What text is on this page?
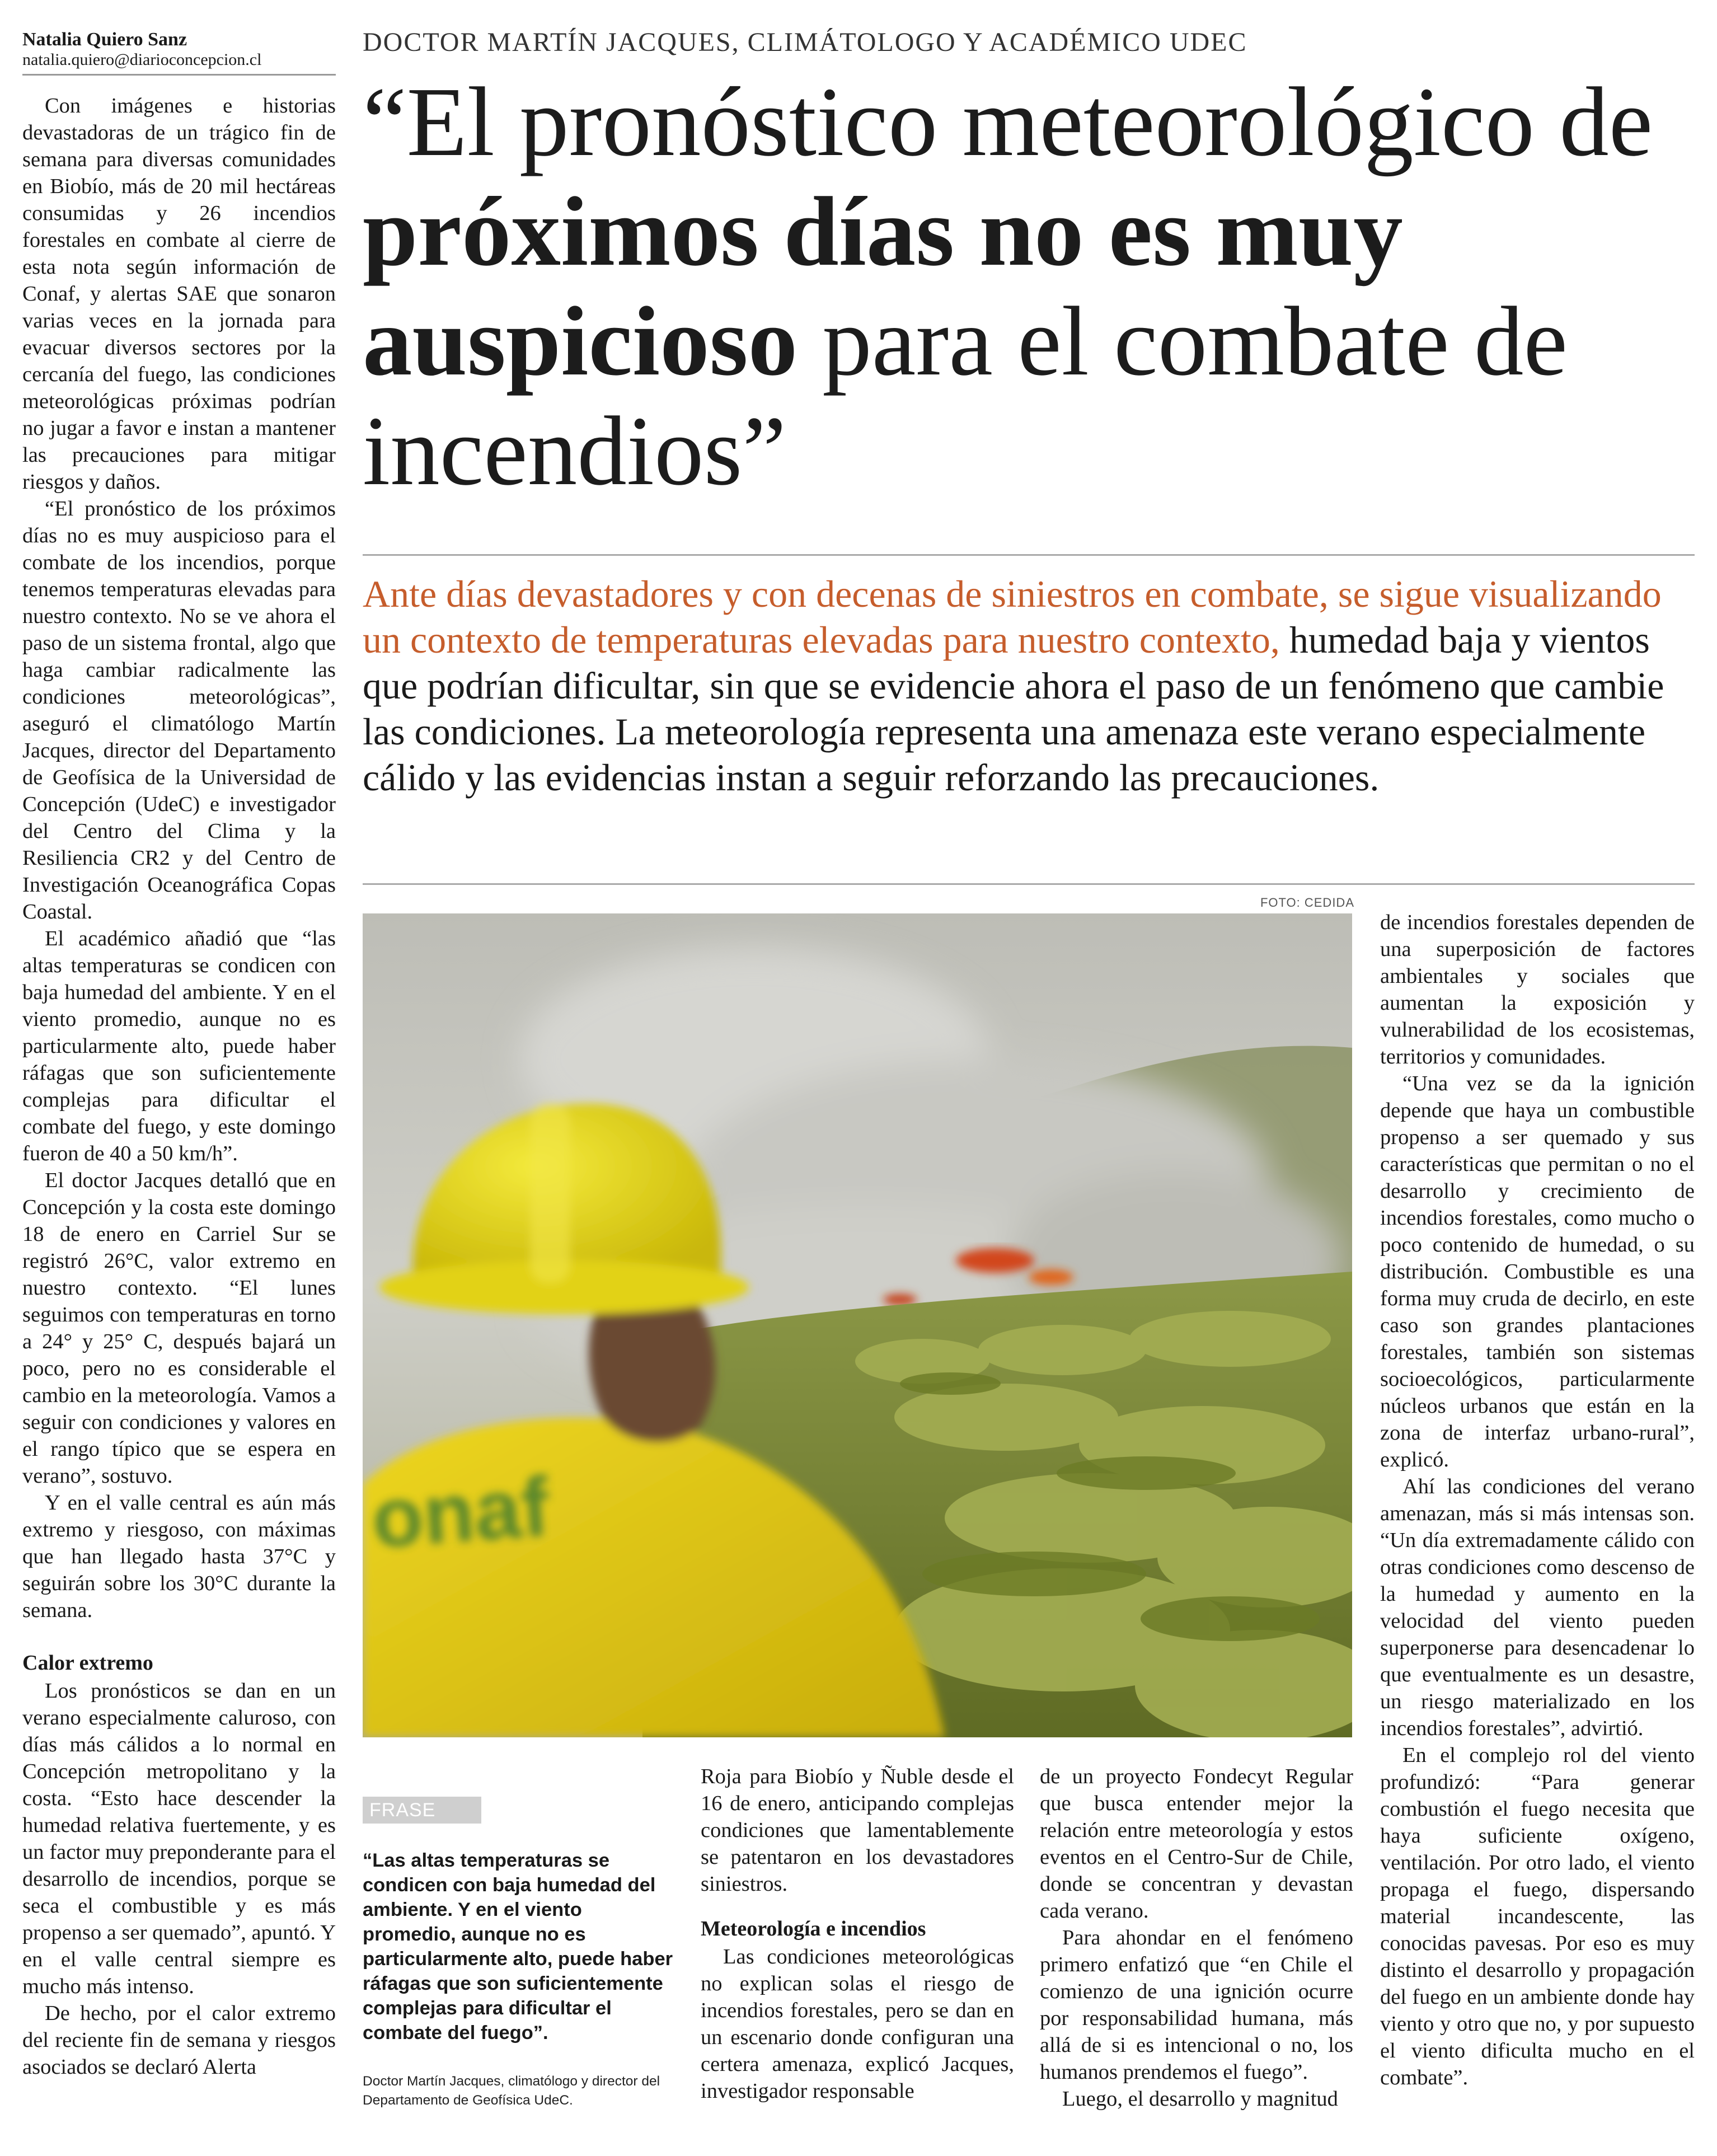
Natalia Quiero Sanz
natalia.quiero@diarioconcepcion.cl

Con imágenes e historias devastadoras de un trágico fin de semana para diversas comunidades en Biobío, más de 20 mil hectáreas consumidas y 26 incendios forestales en combate al cierre de esta nota según información de Conaf, y alertas SAE que sonaron varias veces en la jornada para evacuar diversos sectores por la cercanía del fuego, las condiciones meteorológicas próximas podrían no jugar a favor e instan a mantener las precauciones para mitigar riesgos y daños.

“El pronóstico de los próximos días no es muy auspicioso para el combate de los incendios, porque tenemos temperaturas elevadas para nuestro contexto. No se ve ahora el paso de un sistema frontal, algo que haga cambiar radicalmente las condiciones meteorológicas”, aseguró el climatólogo Martín Jacques, director del Departamento de Geofísica de la Universidad de Concepción (UdeC) e investigador del Centro del Clima y la Resiliencia CR2 y del Centro de Investigación Oceanográfica Copas Coastal.

El académico añadió que “las altas temperaturas se condicen con baja humedad del ambiente. Y en el viento promedio, aunque no es particularmente alto, puede haber ráfagas que son suficientemente complejas para dificultar el combate del fuego, y este domingo fueron de 40 a 50 km/h”.

El doctor Jacques detalló que en Concepción y la costa este domingo 18 de enero en Carriel Sur se registró 26°C, valor extremo en nuestro contexto. “El lunes seguimos con temperaturas en torno a 24° y 25° C, después bajará un poco, pero no es considerable el cambio en la meteorología. Vamos a seguir con condiciones y valores en el rango típico que se espera en verano”, sostuvo.

Y en el valle central es aún más extremo y riesgoso, con máximas que han llegado hasta 37°C y seguirán sobre los 30°C durante la semana.

Calor extremo

Los pronósticos se dan en un verano especialmente caluroso, con días más cálidos a lo normal en Concepción metropolitano y la costa. “Esto hace descender la humedad relativa fuertemente, y es un factor muy preponderante para el desarrollo de incendios, porque se seca el combustible y es más propenso a ser quemado”, apuntó. Y en el valle central siempre es mucho más intenso.

De hecho, por el calor extremo del reciente fin de semana y riesgos asociados se declaró Alerta

DOCTOR MARTÍN JACQUES, CLIMÁTOLOGO Y ACADÉMICO UDEC
“El pronóstico meteorológico de próximos días no es muy auspicioso para el combate de incendios”

Ante días devastadores y con decenas de siniestros en combate, se sigue visualizando un contexto de temperaturas elevadas para nuestro contexto, humedad baja y vientos que podrían dificultar, sin que se evidencie ahora el paso de un fenómeno que cambie las condiciones. La meteorología representa una amenaza este verano especialmente cálido y las evidencias instan a seguir reforzando las precauciones.

FOTO: CEDIDA
onaf
FRASE

“Las altas temperaturas se condicen con baja humedad del ambiente. Y en el viento promedio, aunque no es particularmente alto, puede haber ráfagas que son suficientemente complejas para dificultar el combate del fuego”.

Doctor Martín Jacques, climatólogo y director del Departamento de Geofísica UdeC.

Roja para Biobío y Ñuble desde el 16 de enero, anticipando complejas condiciones que lamentablemente se patentaron en los devastadores siniestros.

Meteorología e incendios

Las condiciones meteorológicas no explican solas el riesgo de incendios forestales, pero se dan en un escenario donde configuran una certera amenaza, explicó Jacques, investigador responsable

de un proyecto Fondecyt Regular que busca entender mejor la relación entre meteorología y estos eventos en el Centro-Sur de Chile, donde se concentran y devastan cada verano.

Para ahondar en el fenómeno primero enfatizó que “en Chile el comienzo de una ignición ocurre por responsabilidad humana, más allá de si es intencional o no, los humanos prendemos el fuego”.

Luego, el desarrollo y magnitud

de incendios forestales dependen de una superposición de factores ambientales y sociales que aumentan la exposición y vulnerabilidad de los ecosistemas, territorios y comunidades.

“Una vez se da la ignición depende que haya un combustible propenso a ser quemado y sus características que permitan o no el desarrollo y crecimiento de incendios forestales, como mucho o poco contenido de humedad, o su distribución. Combustible es una forma muy cruda de decirlo, en este caso son grandes plantaciones forestales, también son sistemas socioecológicos, particularmente núcleos urbanos que están en la zona de interfaz urbano-rural”, explicó.

Ahí las condiciones del verano amenazan, más si más intensas son. “Un día extremadamente cálido con otras condiciones como descenso de la humedad y aumento en la velocidad del viento pueden superponerse para desencadenar lo que eventualmente es un desastre, un riesgo materializado en los incendios forestales”, advirtió.

En el complejo rol del viento profundizó: “Para generar combustión el fuego necesita que haya suficiente oxígeno, ventilación. Por otro lado, el viento propaga el fuego, dispersando material incandescente, las conocidas pavesas. Por eso es muy distinto el desarrollo y propagación del fuego en un ambiente donde hay viento y otro que no, y por supuesto el viento dificulta mucho en el combate”.
